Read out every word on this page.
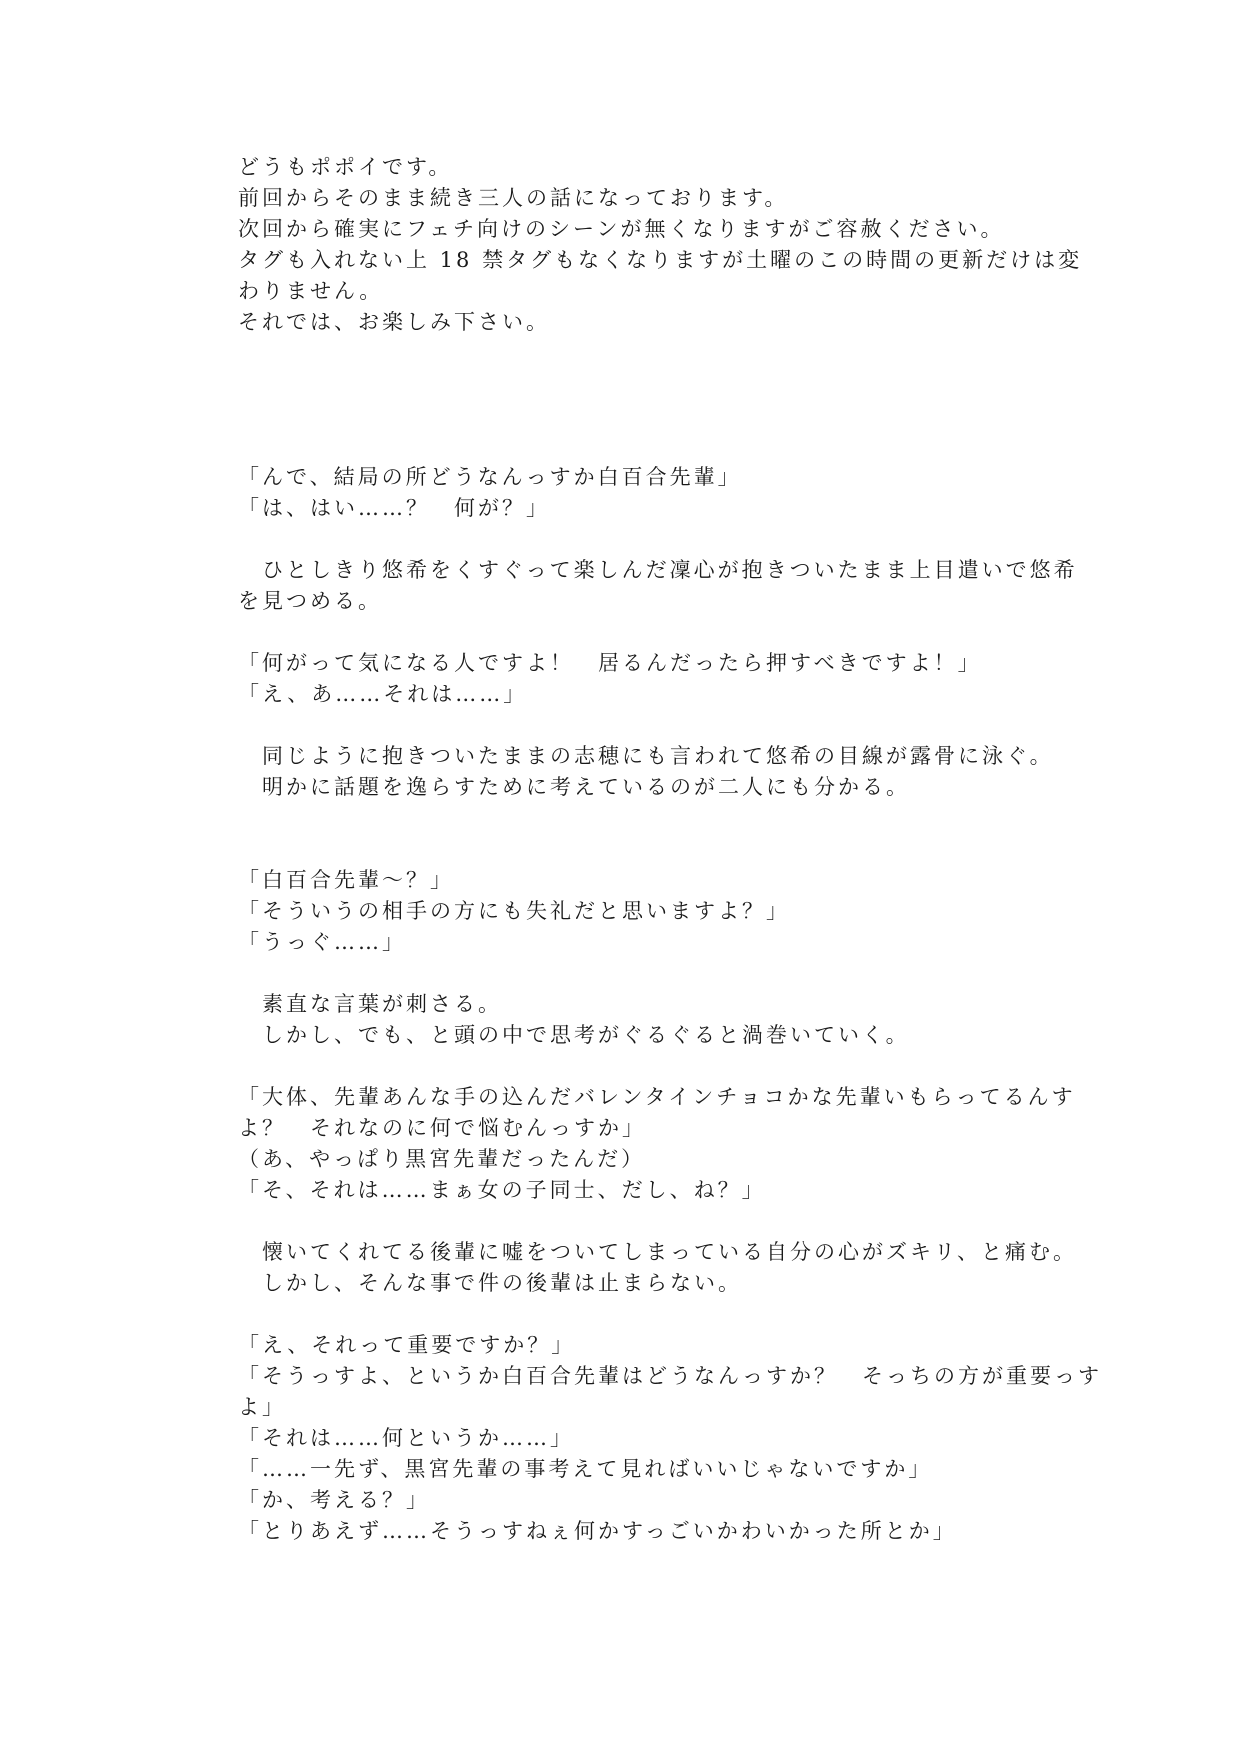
どうもポポイです。
前回からそのまま続き三人の話になっております。
次回から確実にフェチ向けのシーンが無くなりますがご容赦ください。
タグも入れない上 18 禁タグもなくなりますが土曜のこの時間の更新だけは変
わりません。
それでは、お楽しみ下さい。
「んで、結局の所どうなんっすか白百合先輩」
「は、はい……？　何が？」
　ひとしきり悠希をくすぐって楽しんだ凜心が抱きついたまま上目遣いで悠希
を見つめる。
「何がって気になる人ですよ！　居るんだったら押すべきですよ！」
「え、あ……それは……」
　同じように抱きついたままの志穂にも言われて悠希の目線が露骨に泳ぐ。
　明かに話題を逸らすために考えているのが二人にも分かる。
「白百合先輩〜？」
「そういうの相手の方にも失礼だと思いますよ？」
「うっぐ……」
　素直な言葉が刺さる。
　しかし、でも、と頭の中で思考がぐるぐると渦巻いていく。
「大体、先輩あんな手の込んだバレンタインチョコかな先輩いもらってるんす
よ？　それなのに何で悩むんっすか」
（あ、やっぱり黒宮先輩だったんだ）
「そ、それは……まぁ女の子同士、だし、ね？」
　懐いてくれてる後輩に嘘をついてしまっている自分の心がズキリ、と痛む。
　しかし、そんな事で件の後輩は止まらない。
「え、それって重要ですか？」
「そうっすよ、というか白百合先輩はどうなんっすか？　そっちの方が重要っす
よ」
「それは……何というか……」
「……一先ず、黒宮先輩の事考えて見ればいいじゃないですか」
「か、考える？」
「とりあえず……そうっすねぇ何かすっごいかわいかった所とか」
